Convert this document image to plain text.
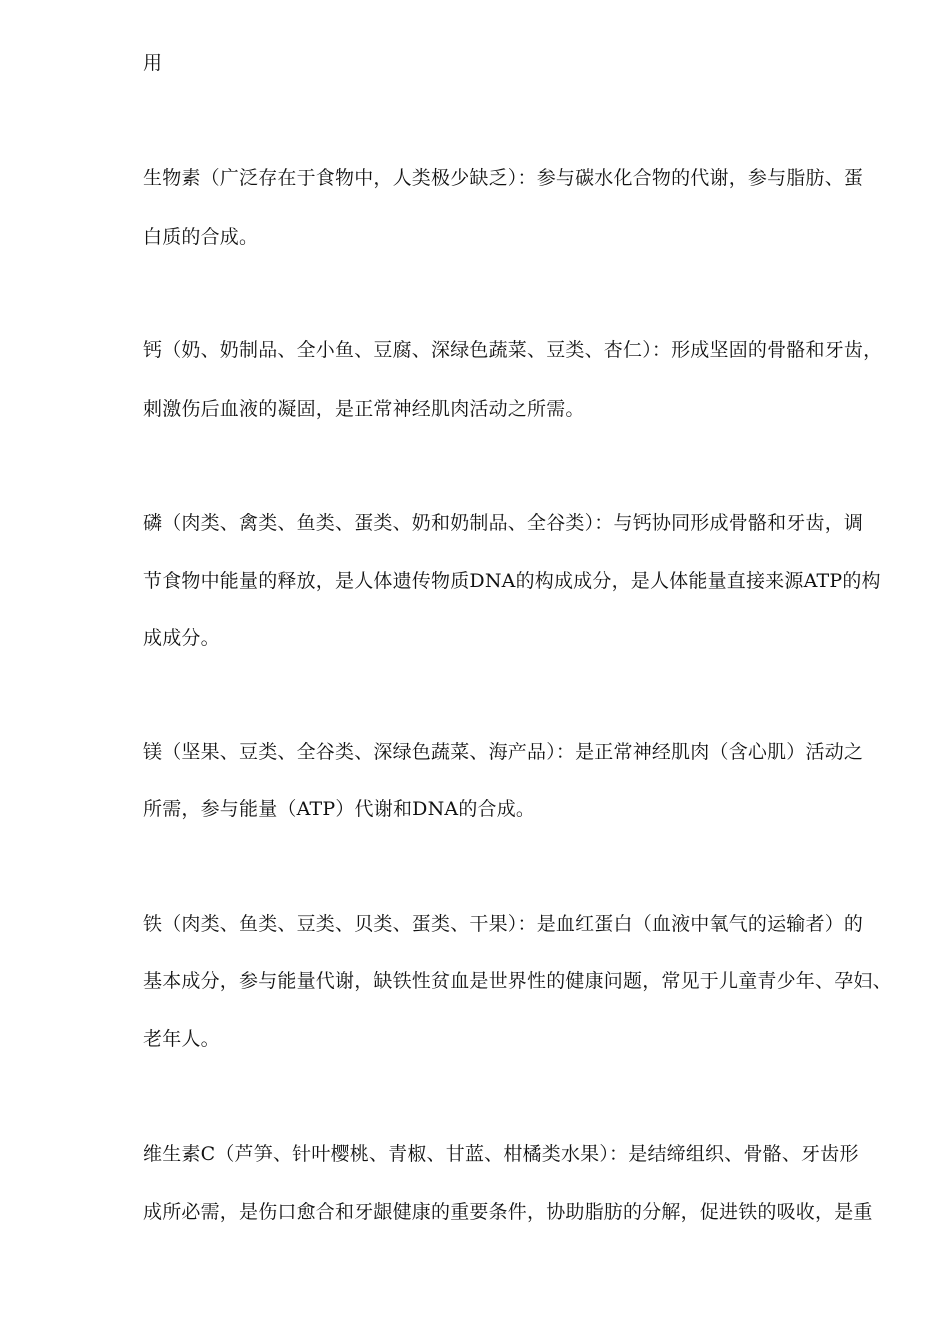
用
生物素（广泛存在于食物中，人类极少缺乏）：参与碳水化合物的代谢，参与脂肪、蛋
白质的合成。
钙（奶、奶制品、全小鱼、豆腐、深绿色蔬菜、豆类、杏仁）：形成坚固的骨骼和牙齿，
刺激伤后血液的凝固，是正常神经肌肉活动之所需。
磷（肉类、禽类、鱼类、蛋类、奶和奶制品、全谷类）：与钙协同形成骨骼和牙齿，调
节食物中能量的释放，是人体遗传物质DNA的构成成分，是人体能量直接来源ATP的构
成成分。
镁（坚果、豆类、全谷类、深绿色蔬菜、海产品）：是正常神经肌肉（含心肌）活动之
所需，参与能量（ATP）代谢和DNA的合成。
铁（肉类、鱼类、豆类、贝类、蛋类、干果）：是血红蛋白（血液中氧气的运输者）的
基本成分，参与能量代谢，缺铁性贫血是世界性的健康问题，常见于儿童青少年、孕妇、
老年人。
维生素C（芦笋、针叶樱桃、青椒、甘蓝、柑橘类水果）：是结缔组织、骨骼、牙齿形
成所必需，是伤口愈合和牙龈健康的重要条件，协助脂肪的分解，促进铁的吸收，是重
